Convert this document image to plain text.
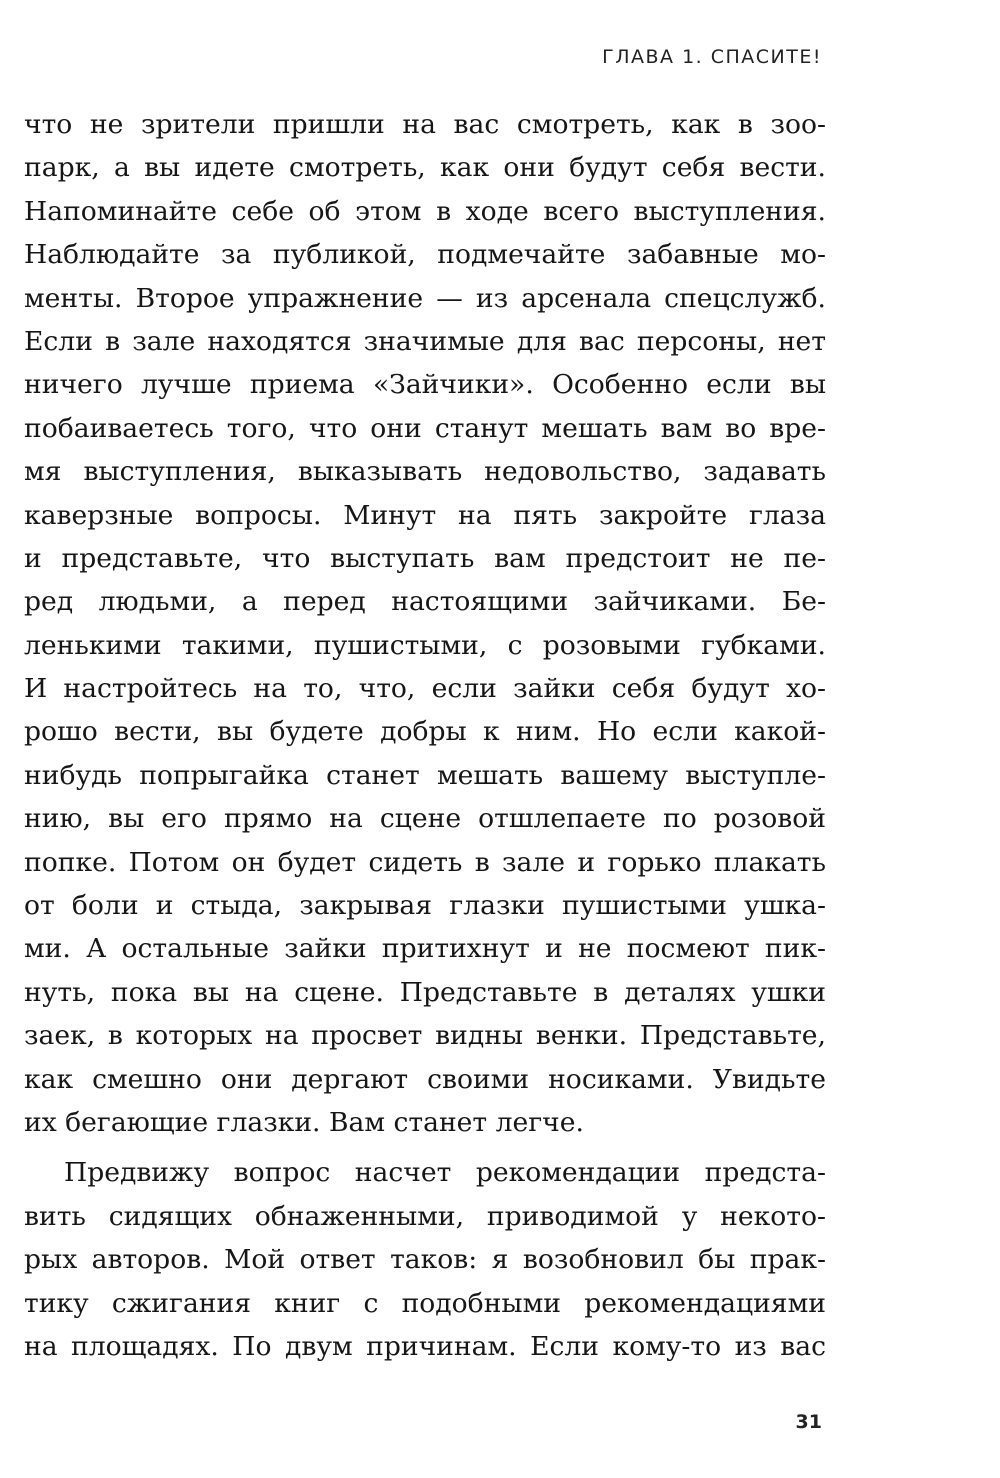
ГЛАВА 1. СПАСИТЕ!
что не зрители пришли на вас смотреть, как в зоо-
парк, а вы идете смотреть, как они будут себя вести.
Напоминайте себе об этом в ходе всего выступления.
Наблюдайте за публикой, подмечайте забавные мо-
менты. Второе упражнение — из арсенала спецслужб.
Если в зале находятся значимые для вас персоны, нет
ничего лучше приема «Зайчики». Особенно если вы
побаиваетесь того, что они станут мешать вам во вре-
мя выступления, выказывать недовольство, задавать
каверзные вопросы. Минут на пять закройте глаза
и представьте, что выступать вам предстоит не пе-
ред людьми, а перед настоящими зайчиками. Бе-
ленькими такими, пушистыми, с розовыми губками.
И настройтесь на то, что, если зайки себя будут хо-
рошо вести, вы будете добры к ним. Но если какой-
нибудь попрыгайка станет мешать вашему выступле-
нию, вы его прямо на сцене отшлепаете по розовой
попке. Потом он будет сидеть в зале и горько плакать
от боли и стыда, закрывая глазки пушистыми ушка-
ми. А остальные зайки притихнут и не посмеют пик-
нуть, пока вы на сцене. Представьте в деталях ушки
заек, в которых на просвет видны венки. Представьте,
как смешно они дергают своими носиками. Увидьте
их бегающие глазки. Вам станет легче.
Предвижу вопрос насчет рекомендации предста-
вить сидящих обнаженными, приводимой у некото-
рых авторов. Мой ответ таков: я возобновил бы прак-
тику сжигания книг с подобными рекомендациями
на площадях. По двум причинам. Если кому-то из вас
31
